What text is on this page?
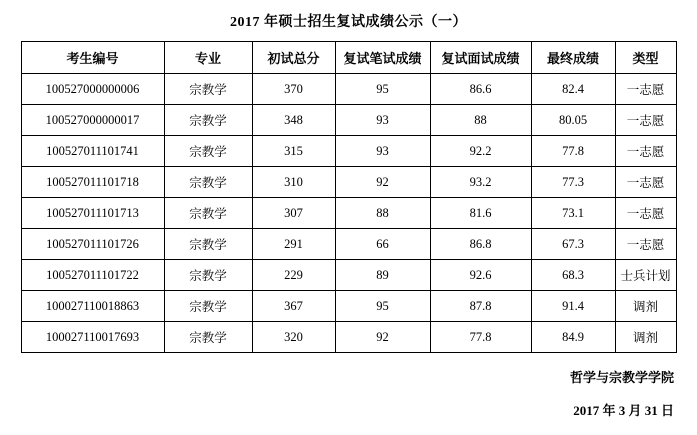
2017 年硕士招生复试成绩公示（一）
考生编号	专业	初试总分	复试笔试成绩	复试面试成绩	最终成绩	类型
100527000000006	宗教学	370	95	86.6	82.4	一志愿
100527000000017	宗教学	348	93	88	80.05	一志愿
100527011101741	宗教学	315	93	92.2	77.8	一志愿
100527011101718	宗教学	310	92	93.2	77.3	一志愿
100527011101713	宗教学	307	88	81.6	73.1	一志愿
100527011101726	宗教学	291	66	86.8	67.3	一志愿
100527011101722	宗教学	229	89	92.6	68.3	士兵计划
100027110018863	宗教学	367	95	87.8	91.4	调剂
100027110017693	宗教学	320	92	77.8	84.9	调剂
哲学与宗教学学院
2017 年 3 月 31 日
